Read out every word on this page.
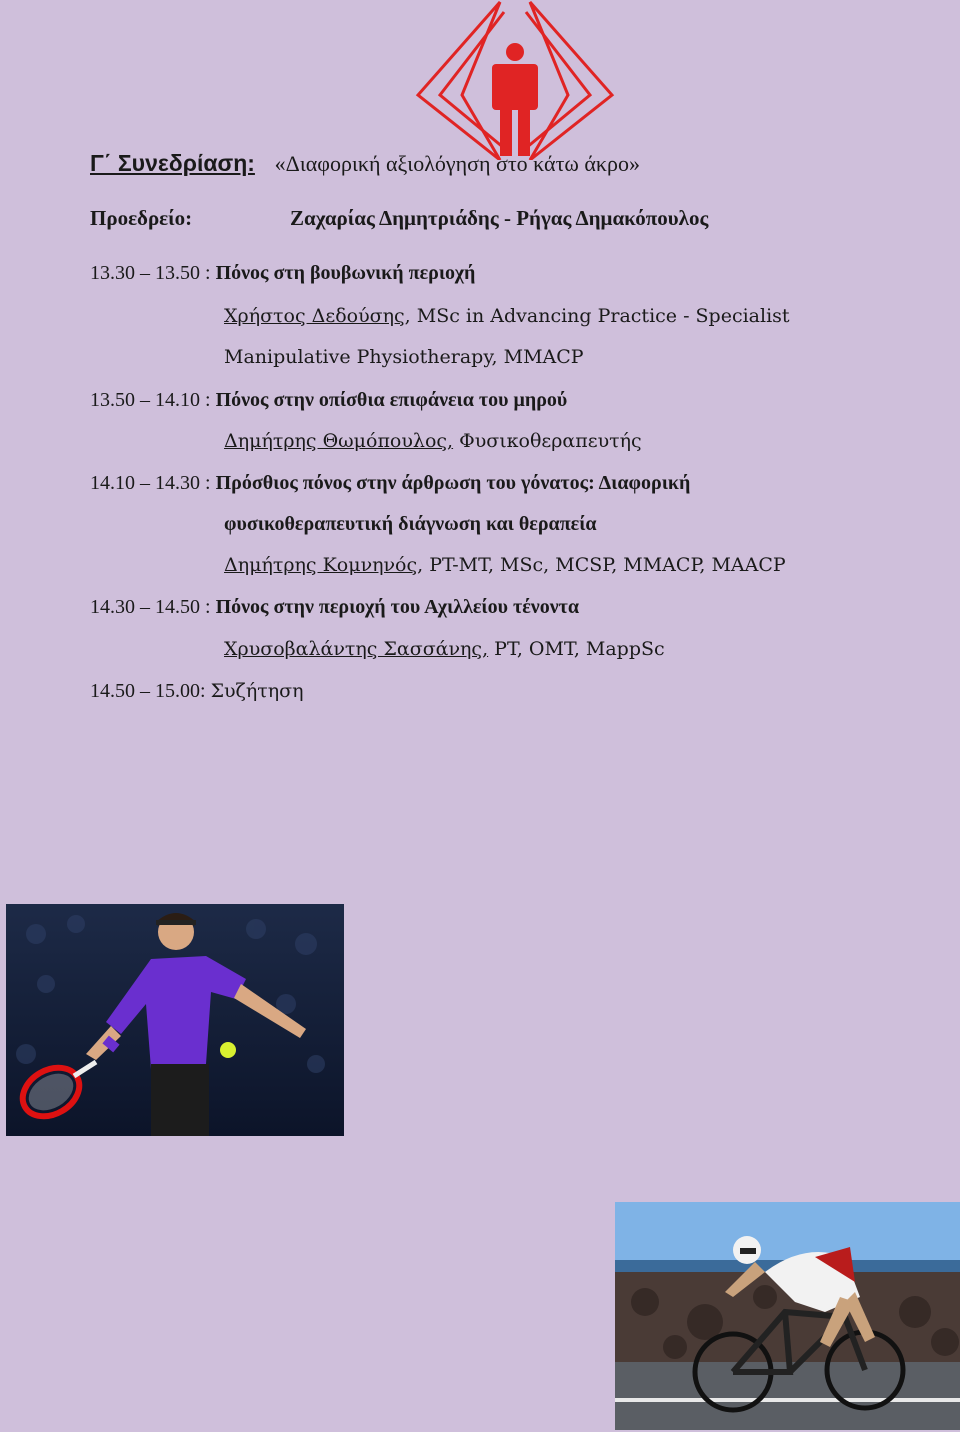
Γ΄ Συνεδρίαση: «Διαφορική αξιολόγηση στο κάτω άκρο»
Προεδρείο:	Ζαχαρίας Δημητριάδης - Ρήγας Δημακόπουλος
13.30 – 13.50 : Πόνος στη βουβωνική περιοχή
Χρήστος Δεδούσης, MSc in Advancing Practice - Specialist
Manipulative Physiotherapy, MMACP
13.50 – 14.10 : Πόνος στην οπίσθια επιφάνεια του μηρού
Δημήτρης Θωμόπουλος, Φυσικοθεραπευτής
14.10 – 14.30 : Πρόσθιος πόνος στην άρθρωση του γόνατος: Διαφορική
φυσικοθεραπευτική διάγνωση και θεραπεία
Δημήτρης Κομνηνός, PT-MT, MSc, MCSP, MMACP, MAACP
14.30 – 14.50 : Πόνος στην περιοχή του Αχιλλείου τένοντα
Χρυσοβαλάντης Σασσάνης, PT, OMT, MappSc
14.50 – 15.00: Συζήτηση
